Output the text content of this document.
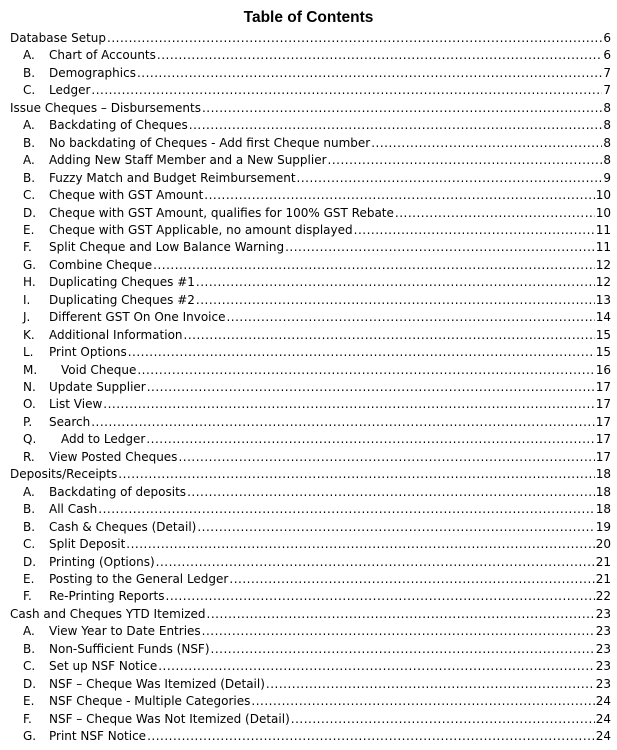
Table of Contents
Database Setup .....	6
A.	Chart of Accounts .....	6
B.	Demographics .....	7
C.	Ledger .....	7
Issue Cheques – Disbursements .....	8
A.	Backdating of Cheques .....	8
B.	No backdating of Cheques - Add first Cheque number .....	8
A.	Adding New Staff Member and a New Supplier .....	8
B.	Fuzzy Match and Budget Reimbursement .....	9
C.	Cheque with GST Amount .....	10
D.	Cheque with GST Amount, qualifies for 100% GST Rebate .....	10
E.	Cheque with GST Applicable, no amount displayed .....	11
F.	Split Cheque and Low Balance Warning .....	11
G.	Combine Cheque .....	12
H.	Duplicating Cheques #1 .....	12
I.	Duplicating Cheques #2 .....	13
J.	Different GST On One Invoice .....	14
K.	Additional Information .....	15
L.	Print Options .....	15
M.	Void Cheque .....	16
N.	Update Supplier .....	17
O.	List View .....	17
P.	Search .....	17
Q.	Add to Ledger .....	17
R.	View Posted Cheques .....	17
Deposits/Receipts .....	18
A.	Backdating of deposits .....	18
B.	All Cash .....	18
B.	Cash & Cheques (Detail) .....	19
C.	Split Deposit .....	20
D.	Printing (Options) .....	21
E.	Posting to the General Ledger .....	21
F.	Re-Printing Reports .....	22
Cash and Cheques YTD Itemized .....	23
A.	View Year to Date Entries .....	23
B.	Non-Sufficient Funds (NSF) .....	23
C.	Set up NSF Notice .....	23
D.	NSF – Cheque Was Itemized (Detail) .....	23
E.	NSF Cheque - Multiple Categories .....	24
F.	NSF – Cheque Was Not Itemized (Detail) .....	24
G.	Print NSF Notice .....	24
